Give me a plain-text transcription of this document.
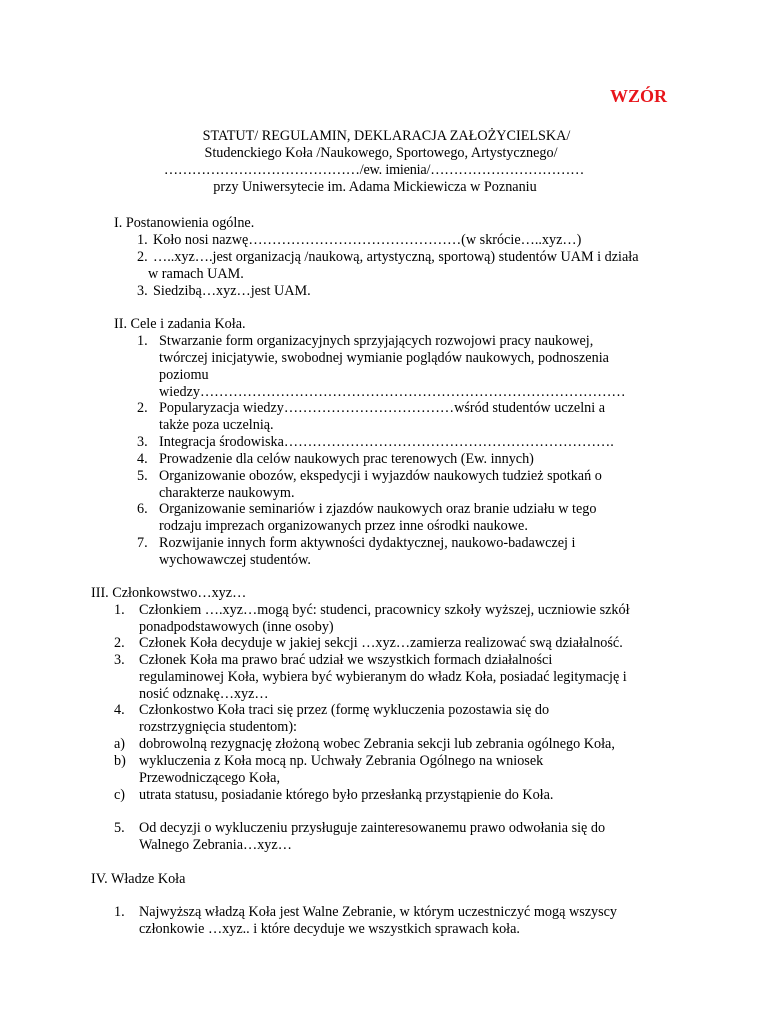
WZÓR
STATUT/ REGULAMIN, DEKLARACJA ZAŁOŻYCIELSKA/
Studenckiego Koła /Naukowego, Sportowego, Artystycznego/
……………………………………/ew. imienia/……………………………
przy Uniwersytecie im. Adama Mickiewicza w Poznaniu
I. Postanowienia ogólne.
1. Koło nosi nazwę………………………………………(w skrócie…..xyz…)
2. …..xyz….jest organizacją /naukową, artystyczną, sportową) studentów UAM i działa
w ramach UAM.
3. Siedzibą…xyz…jest UAM.
II. Cele i zadania Koła.
1. Stwarzanie form organizacyjnych sprzyjających rozwojowi pracy naukowej,
twórczej inicjatywie, swobodnej wymianie poglądów naukowych, podnoszenia
poziomu
wiedzy………………………………………………………………………………
2. Popularyzacja wiedzy………………………………wśród studentów uczelni a
także poza uczelnią.
3. Integracja środowiska…………………………………………………………….
4. Prowadzenie dla celów naukowych prac terenowych (Ew. innych)
5. Organizowanie obozów, ekspedycji i wyjazdów naukowych tudzież spotkań o
charakterze naukowym.
6. Organizowanie seminariów i zjazdów naukowych oraz branie udziału w tego
rodzaju imprezach organizowanych przez inne ośrodki naukowe.
7. Rozwijanie innych form aktywności dydaktycznej, naukowo-badawczej i
wychowawczej studentów.
III. Członkowstwo…xyz…
1. Członkiem ….xyz…mogą być: studenci, pracownicy szkoły wyższej, uczniowie szkół
ponadpodstawowych (inne osoby)
2. Członek Koła decyduje w jakiej sekcji …xyz…zamierza realizować swą działalność.
3. Członek Koła ma prawo brać udział we wszystkich formach działalności
regulaminowej Koła, wybiera być wybieranym do władz Koła, posiadać legitymację i
nosić odznakę…xyz…
4. Członkostwo Koła traci się przez (formę wykluczenia pozostawia się do
rozstrzygnięcia studentom):
a) dobrowolną rezygnację złożoną wobec Zebrania sekcji lub zebrania ogólnego Koła,
b) wykluczenia z Koła mocą np. Uchwały Zebrania Ogólnego na wniosek
Przewodniczącego Koła,
c) utrata statusu, posiadanie którego było przesłanką przystąpienie do Koła.
5. Od decyzji o wykluczeniu przysługuje zainteresowanemu prawo odwołania się do
Walnego Zebrania…xyz…
IV. Władze Koła
1. Najwyższą władzą Koła jest Walne Zebranie, w którym uczestniczyć mogą wszyscy
członkowie …xyz.. i które decyduje we wszystkich sprawach koła.
